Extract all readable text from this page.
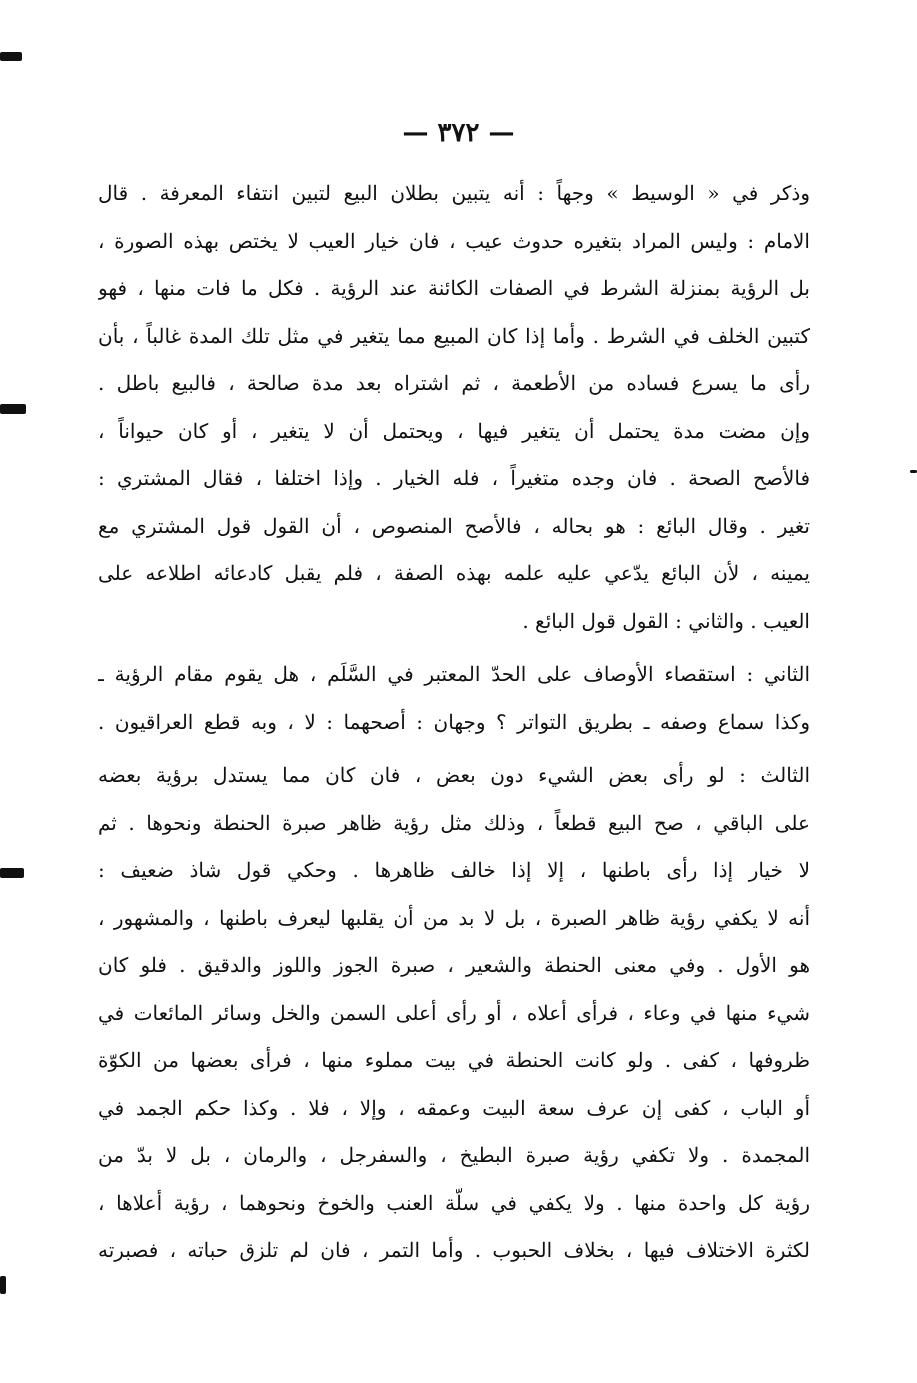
— ٣٧٢ —
وذكر في « الوسيط » وجهاً : أنه يتبين بطلان البيع لتبين انتفاء المعرفة . قال
الامام : وليس المراد بتغيره حدوث عيب ، فان خيار العيب لا يختص بهذه الصورة ،
بل الرؤية بمنزلة الشرط في الصفات الكائنة عند الرؤية . فكل ما فات منها ، فهو
كتبين الخلف في الشرط . وأما إذا كان المبيع مما يتغير في مثل تلك المدة غالباً ، بأن
رأى ما يسرع فساده من الأطعمة ، ثم اشتراه بعد مدة صالحة ، فالبيع باطل .
وإن مضت مدة يحتمل أن يتغير فيها ، ويحتمل أن لا يتغير ، أو كان حيواناً ،
فالأصح الصحة . فان وجده متغيراً ، فله الخيار . وإذا اختلفا ، فقال المشتري :
تغير . وقال البائع : هو بحاله ، فالأصح المنصوص ، أن القول قول المشتري مع
يمينه ، لأن البائع يدّعي عليه علمه بهذه الصفة ، فلم يقبل كادعائه اطلاعه على
العيب . والثاني : القول قول البائع .
الثاني : استقصاء الأوصاف على الحدّ المعتبر في السَّلَم ، هل يقوم مقام الرؤية ـ
وكذا سماع وصفه ـ بطريق التواتر ؟ وجهان : أصحهما : لا ، وبه قطع العراقيون .
الثالث : لو رأى بعض الشيء دون بعض ، فان كان مما يستدل برؤية بعضه
على الباقي ، صح البيع قطعاً ، وذلك مثل رؤية ظاهر صبرة الحنطة ونحوها . ثم
لا خيار إذا رأى باطنها ، إلا إذا خالف ظاهرها . وحكي قول شاذ ضعيف :
أنه لا يكفي رؤية ظاهر الصبرة ، بل لا بد من أن يقلبها ليعرف باطنها ، والمشهور ،
هو الأول . وفي معنى الحنطة والشعير ، صبرة الجوز واللوز والدقيق . فلو كان
شيء منها في وعاء ، فرأى أعلاه ، أو رأى أعلى السمن والخل وسائر المائعات في
ظروفها ، كفى . ولو كانت الحنطة في بيت مملوء منها ، فرأى بعضها من الكوّة
أو الباب ، كفى إن عرف سعة البيت وعمقه ، وإلا ، فلا . وكذا حكم الجمد في
المجمدة . ولا تكفي رؤية صبرة البطيخ ، والسفرجل ، والرمان ، بل لا بدّ من
رؤية كل واحدة منها . ولا يكفي في سلّة العنب والخوخ ونحوهما ، رؤية أعلاها ،
لكثرة الاختلاف فيها ، بخلاف الحبوب . وأما التمر ، فان لم تلزق حباته ، فصبرته
